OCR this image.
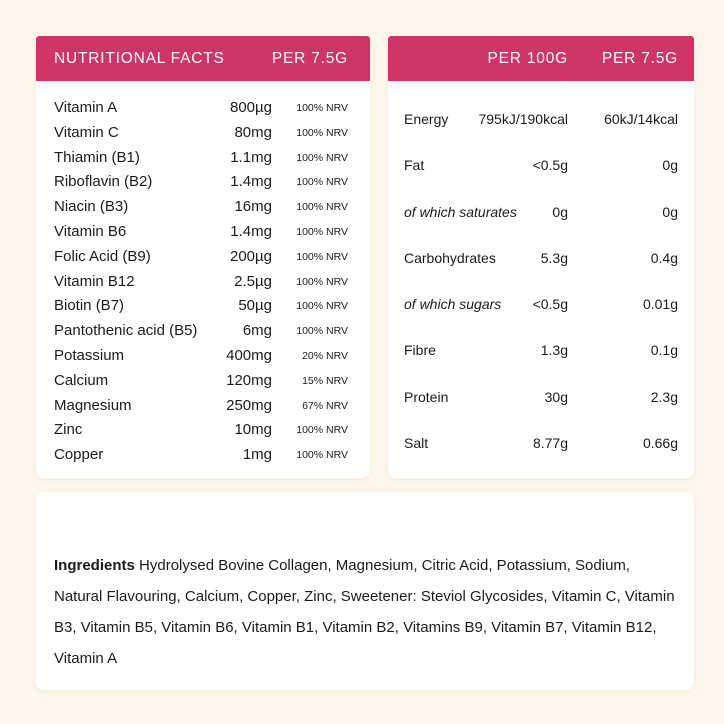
NUTRITIONAL FACTS	PER 7.5G
Vitamin A	800µg 100% NRV
Vitamin C	80mg 100% NRV
Thiamin (B1)	1.1mg 100% NRV
Riboflavin (B2)	1.4mg 100% NRV
Niacin (B3)	16mg 100% NRV
Vitamin B6	1.4mg 100% NRV
Folic Acid (B9)	200µg 100% NRV
Vitamin B12	2.5µg 100% NRV
Biotin (B7)	50µg 100% NRV
Pantothenic acid (B5)	6mg 100% NRV
Potassium	400mg	20% NRV
Calcium	120mg	15% NRV
Magnesium	250mg	67% NRV
Zinc	10mg 100% NRV
Copper	1mg 100% NRV
PER 100G PER 7.5G
Energy 795kJ/190kcal	60kJ/14kcal
Fat	<0.5g	0g
of which saturates	0g	0g
Carbohydrates	5.3g	0.4g
of which sugars <0.5g	0.01g
Fibre	1.3g	0.1g
Protein	30g	2.3g
Salt	8.77g	0.66g

Ingredients Hydrolysed Bovine Collagen, Magnesium, Citric Acid, Potassium, Sodium, Natural Flavouring, Calcium, Copper, Zinc, Sweetener: Steviol Glycosides, Vitamin C, Vitamin B3, Vitamin B5, Vitamin B6, Vitamin B1, Vitamin B2, Vitamins B9, Vitamin B7, Vitamin B12, Vitamin A
